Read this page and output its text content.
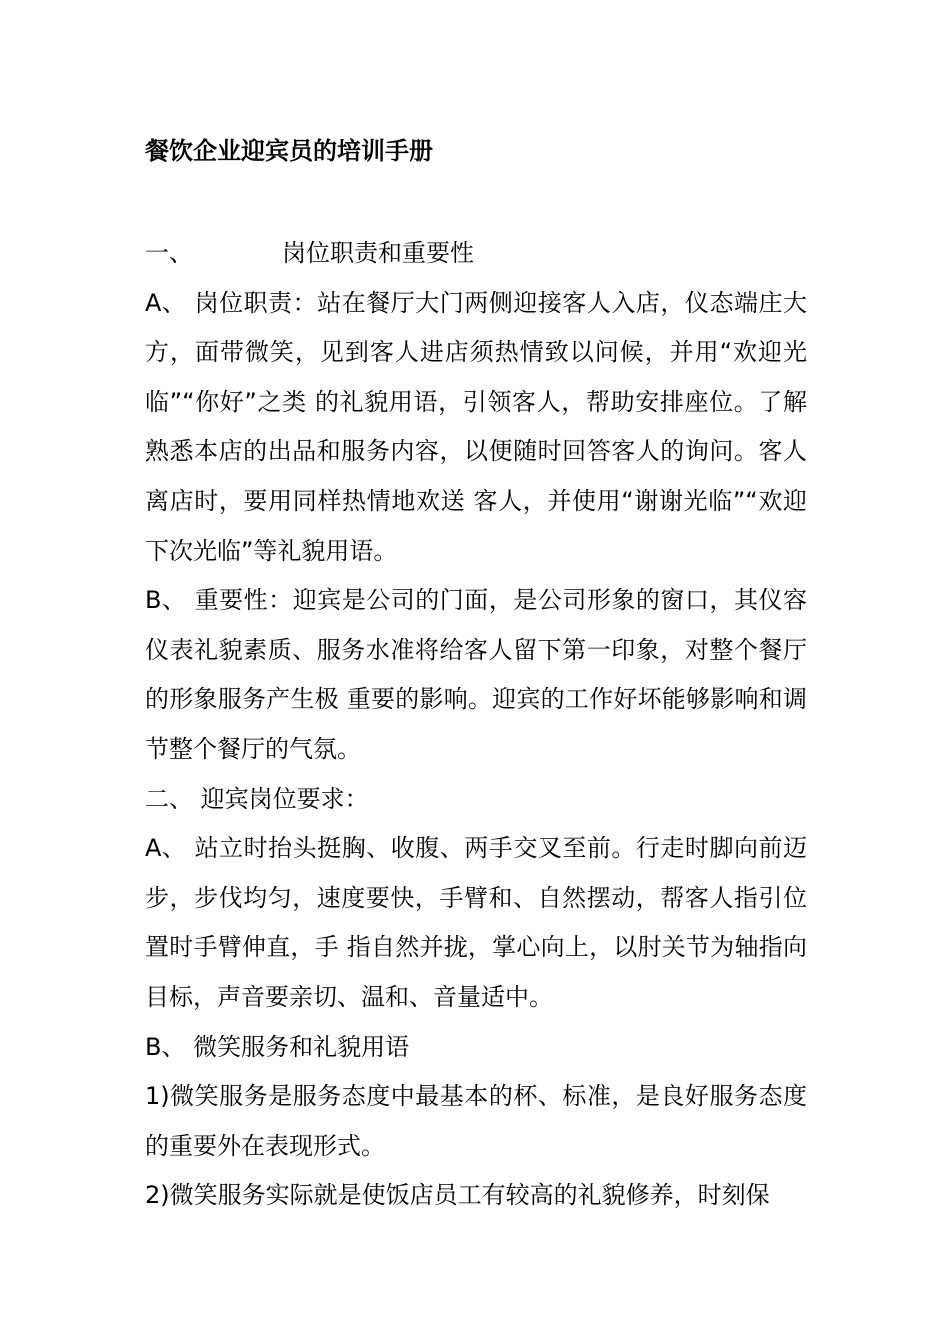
餐饮企业迎宾员的培训手册

一、	岗位职责和重要性

A、 岗位职责：站在餐厅大门两侧迎接客人入店，仪态端庄大方，面带微笑，见到客人进店须热情致以问候，并用“欢迎光临”“你好”之类 的礼貌用语，引领客人，帮助安排座位。了解熟悉本店的出品和服务内容，以便随时回答客人的询问。客人离店时，要用同样热情地欢送 客人，并使用“谢谢光临”“欢迎下次光临”等礼貌用语。

B、 重要性：迎宾是公司的门面，是公司形象的窗口，其仪容仪表礼貌素质、服务水准将给客人留下第一印象，对整个餐厅的形象服务产生极 重要的影响。迎宾的工作好坏能够影响和调节整个餐厅的气氛。

二、 迎宾岗位要求：

A、 站立时抬头挺胸、收腹、两手交叉至前。行走时脚向前迈步，步伐均匀，速度要快，手臂和、自然摆动，帮客人指引位置时手臂伸直，手 指自然并拢，掌心向上，以肘关节为轴指向目标，声音要亲切、温和、音量适中。

B、 微笑服务和礼貌用语

1)微笑服务是服务态度中最基本的杯、标准，是良好服务态度的重要外在表现形式。

2)微笑服务实际就是使饭店员工有较高的礼貌修养，时刻保
